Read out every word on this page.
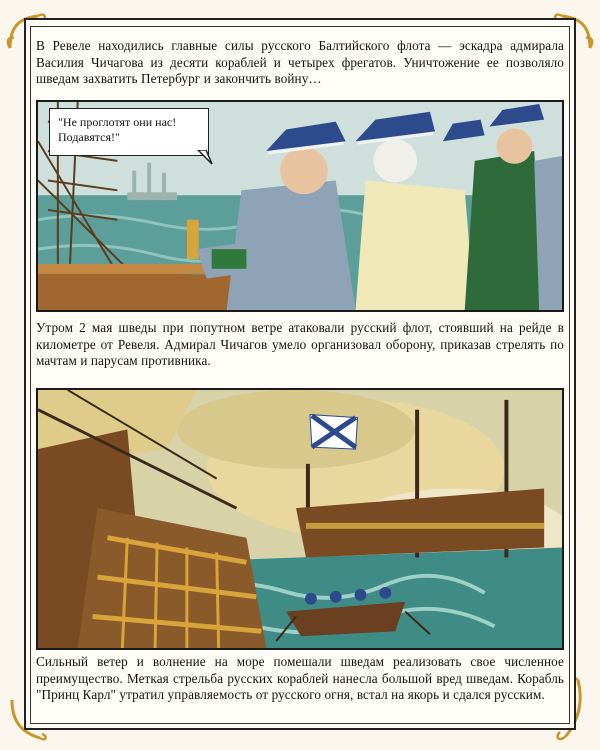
В Ревеле находились главные силы русского Балтийского флота — эскадра адмирала Василия Чичагова из десяти кораблей и четырех фрегатов. Уничтожение ее позволяло шведам захватить Петербург и закончить войну…
"Не проглотят они нас!
Подавятся!"
Утром 2 мая шведы при попутном ветре атаковали русский флот, стоявший на рейде в километре от Ревеля. Адмирал Чичагов умело организовал оборону, приказав стрелять по мачтам и парусам противника.
Сильный ветер и волнение на море помешали шведам реализовать свое численное преимущество. Меткая стрельба русских кораблей нанесла большой вред шведам. Корабль "Принц Карл" утратил управляемость от русского огня, встал на якорь и сдался русским.
